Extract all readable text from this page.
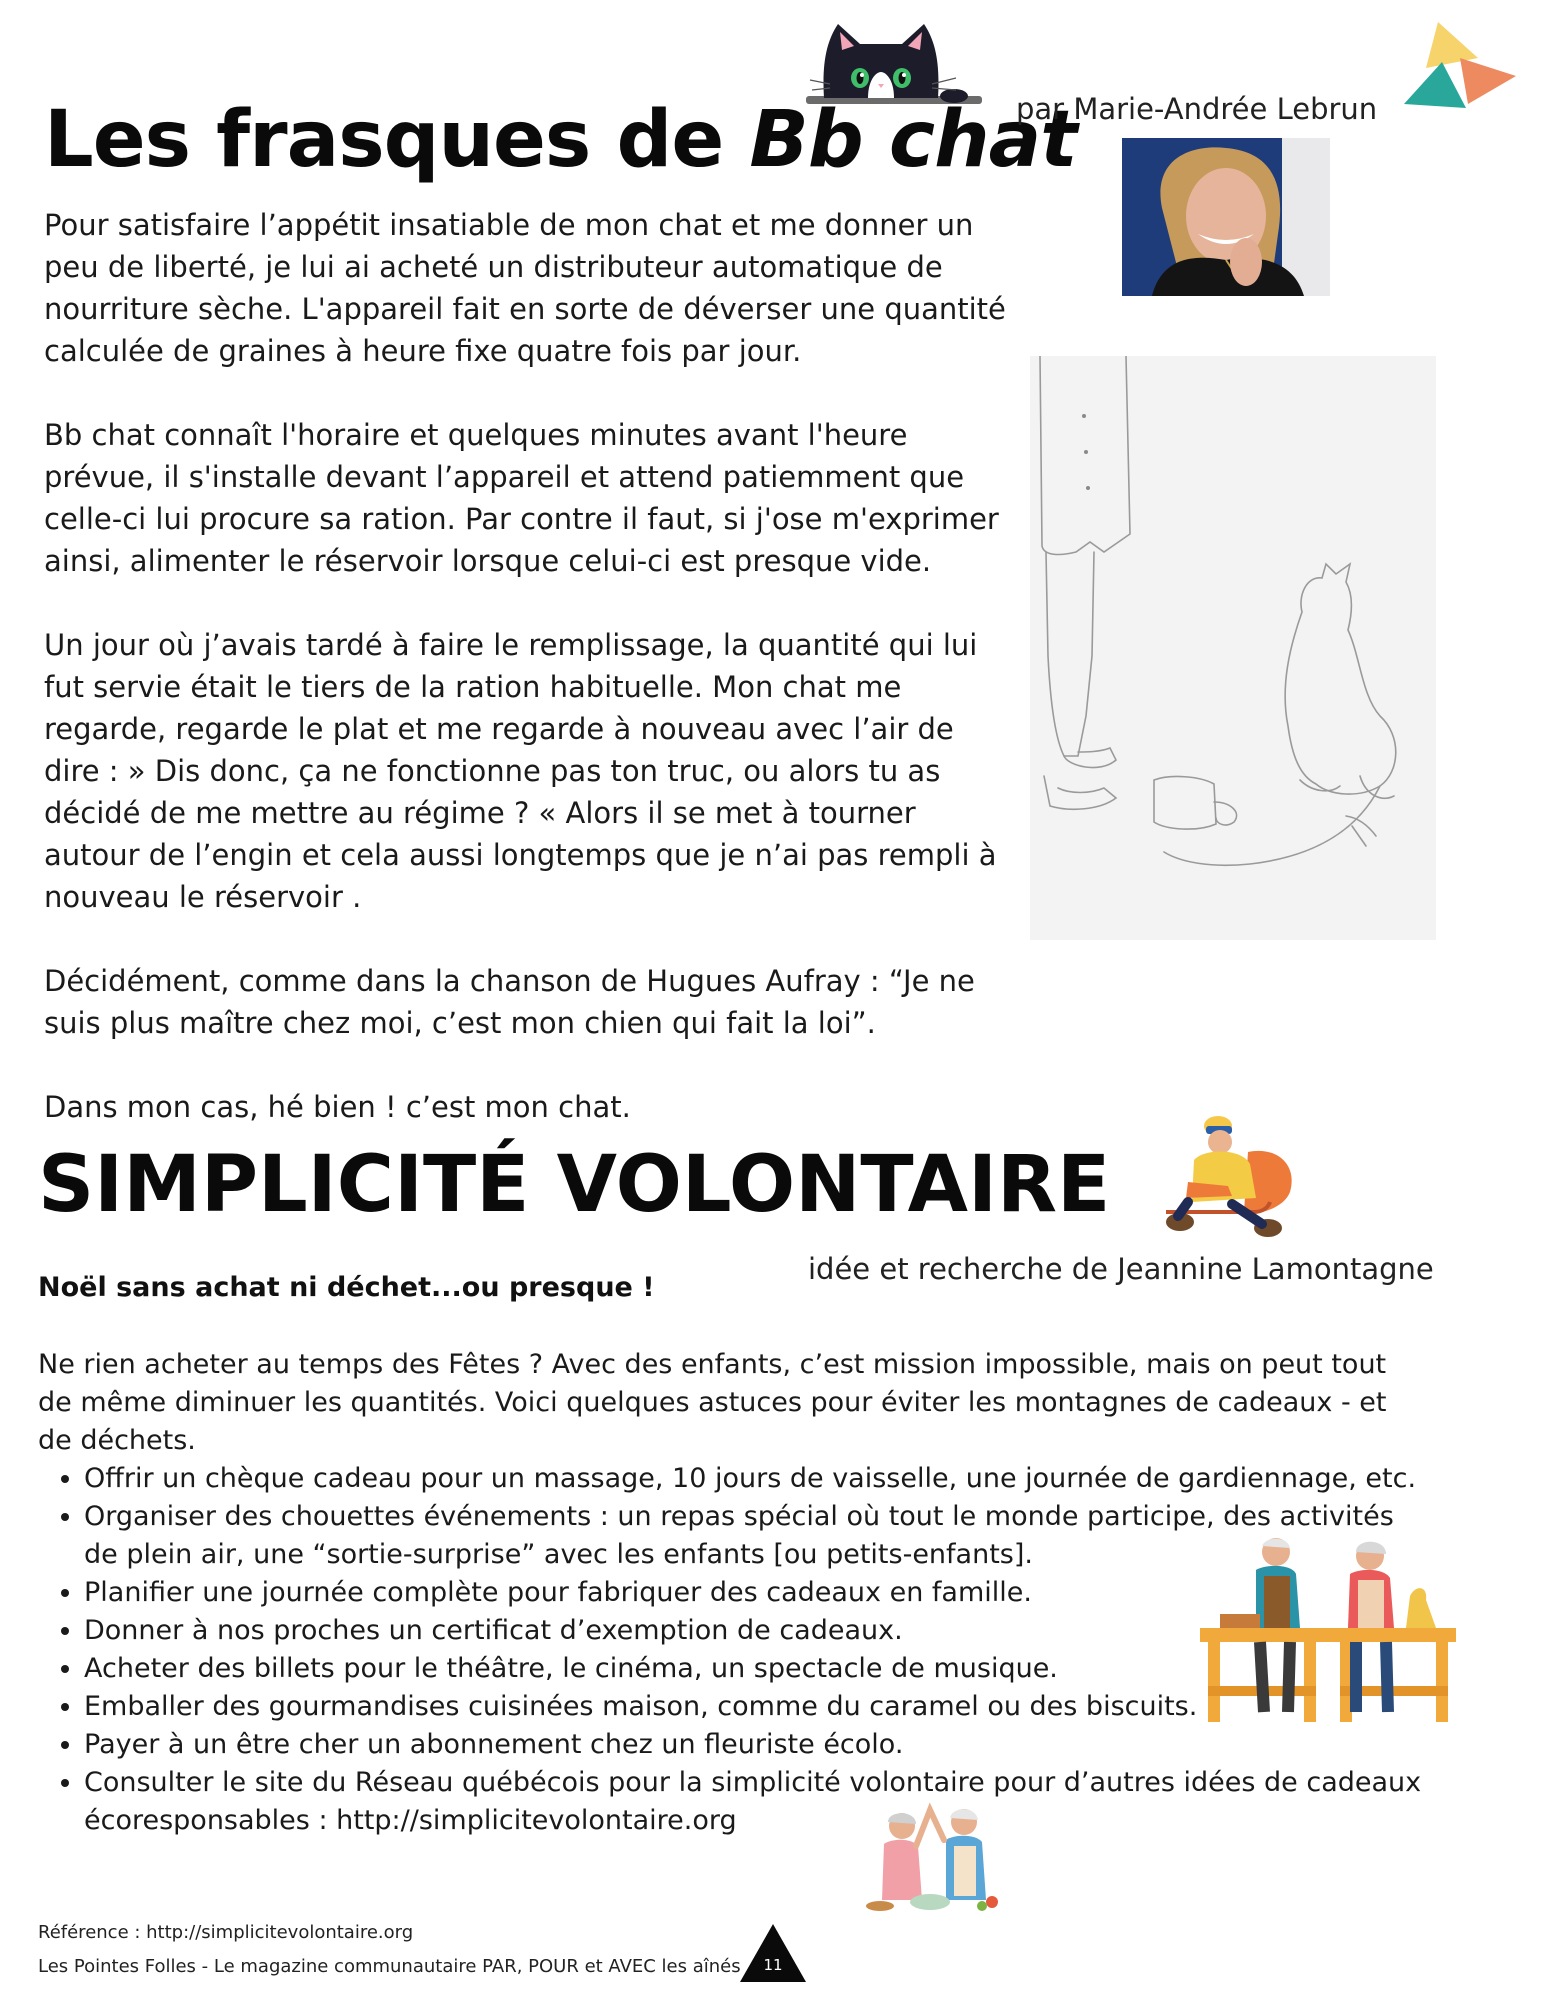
Les frasques de Bb chat
par Marie-Andrée Lebrun

Pour satisfaire l’appétit insatiable de mon chat et me donner un peu de liberté, je lui ai acheté un distributeur automatique de nourriture sèche. L'appareil fait en sorte de déverser une quantité calculée de graines à heure fixe quatre fois par jour.

Bb chat connaît l'horaire et quelques minutes avant l'heure prévue, il s'installe devant l’appareil et attend patiemment que celle-ci lui procure sa ration. Par contre il faut, si j'ose m'exprimer ainsi, alimenter le réservoir lorsque celui-ci est presque vide.

Un jour où j’avais tardé à faire le remplissage, la quantité qui lui fut servie était le tiers de la ration habituelle. Mon chat me regarde, regarde le plat et me regarde à nouveau avec l’air de dire : » Dis donc, ça ne fonctionne pas ton truc, ou alors tu as décidé de me mettre au régime ? « Alors il se met à tourner autour de l’engin et cela aussi longtemps que je n’ai pas rempli à nouveau le réservoir .

Décidément, comme dans la chanson de Hugues Aufray : “Je ne suis plus maître chez moi, c’est mon chien qui fait la loi”.

Dans mon cas, hé bien ! c’est mon chat.

SIMPLICITÉ VOLONTAIRE
idée et recherche de Jeannine Lamontagne
Noël sans achat ni déchet...ou presque !
Ne rien acheter au temps des Fêtes ? Avec des enfants, c’est mission impossible, mais on peut tout de même diminuer les quantités. Voici quelques astuces pour éviter les montagnes de cadeaux - et de déchets.
• Offrir un chèque cadeau pour un massage, 10 jours de vaisselle, une journée de gardiennage, etc.
• Organiser des chouettes événements : un repas spécial où tout le monde participe, des activités de plein air, une “sortie-surprise” avec les enfants [ou petits-enfants].
• Planifier une journée complète pour fabriquer des cadeaux en famille.
• Donner à nos proches un certificat d’exemption de cadeaux.
• Acheter des billets pour le théâtre, le cinéma, un spectacle de musique.
• Emballer des gourmandises cuisinées maison, comme du caramel ou des biscuits.
• Payer à un être cher un abonnement chez un fleuriste écolo.
• Consulter le site du Réseau québécois pour la simplicité volontaire pour d’autres idées de cadeaux écoresponsables : http://simplicitevolontaire.org
Référence : http://simplicitevolontaire.org
Les Pointes Folles - Le magazine communautaire PAR, POUR et AVEC les aînés	11
